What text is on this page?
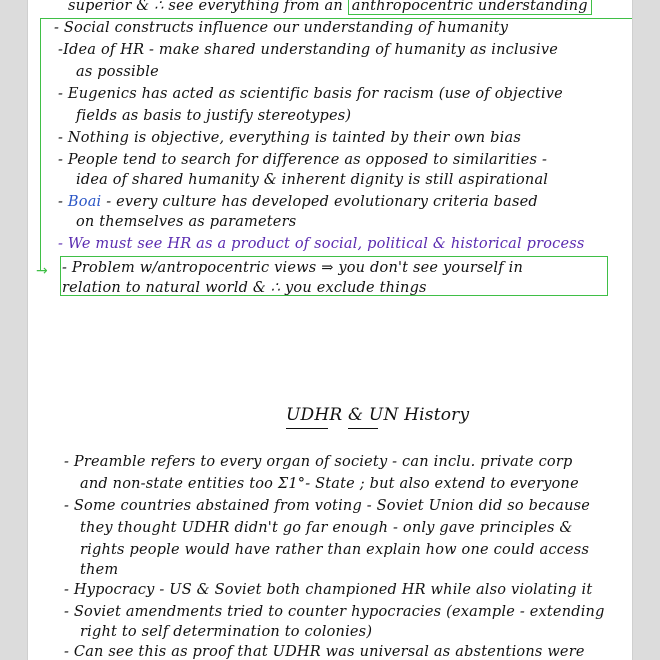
superior & ∴ see everything from an anthropocentric understanding
- Social constructs influence our understanding of humanity
-Idea of HR - make shared understanding of humanity as inclusive
as possible
- Eugenics has acted as scientific basis for racism (use of objective
fields as basis to justify stereotypes)
- Nothing is objective, everything is tainted by their own bias
- People tend to search for difference as opposed to similarities -
idea of shared humanity & inherent dignity is still aspirational
- Boai - every culture has developed evolutionary criteria based
on themselves as parameters
- We must see HR as a product of social, political & historical process
- Problem w/antropocentric views ⇒ you don't see yourself in
relation to natural world & ∴ you exclude things
→
UDHR & UN History
- Preamble refers to every organ of society - can inclu. private corp
and non-state entities too Σ1°- State ; but also extend to everyone
- Some countries abstained from voting - Soviet Union did so because
they thought UDHR didn't go far enough - only gave principles &
rights people would have rather than explain how one could access
them
- Hypocracy - US & Soviet both championed HR while also violating it
- Soviet amendments tried to counter hypocracies (example - extending
right to self determination to colonies)
- Can see this as proof that UDHR was universal as abstentions were
